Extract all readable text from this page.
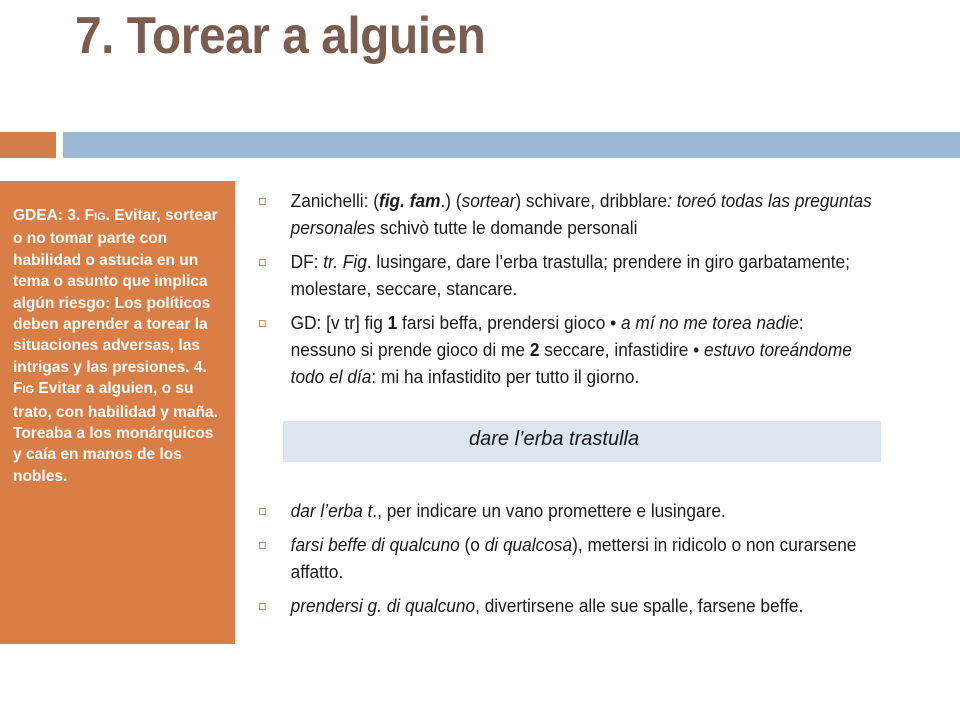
7. Torear a alguien
GDEA: 3. FIG. Evitar, sortear o no tomar parte con habilidad o astucia en un tema o asunto que implica algún riesgo: Los políticos deben aprender a torear la situaciones adversas, las intrigas y las presiones. 4. FIG Evitar a alguien, o su trato, con habilidad y maña. Toreaba a los monárquicos y caía en manos de los nobles.
Zanichelli: (fig. fam.) (sortear) schivare, dribblare: toreó todas las preguntas personales schivò tutte le domande personali
DF: tr. Fig. lusingare, dare l’erba trastulla; prendere in giro garbatamente; molestare, seccare, stancare.
GD: [v tr] fig 1 farsi beffa, prendersi gioco • a mí no me torea nadie: nessuno si prende gioco di me 2 seccare, infastidire • estuvo toreándome todo el día: mi ha infastidito per tutto il giorno.
dare l’erba trastulla
dar l’erba t., per indicare un vano promettere e lusingare.
farsi beffe di qualcuno (o di qualcosa), mettersi in ridicolo o non curarsene affatto.
prendersi g. di qualcuno, divertirsene alle sue spalle, farsene beffe.
